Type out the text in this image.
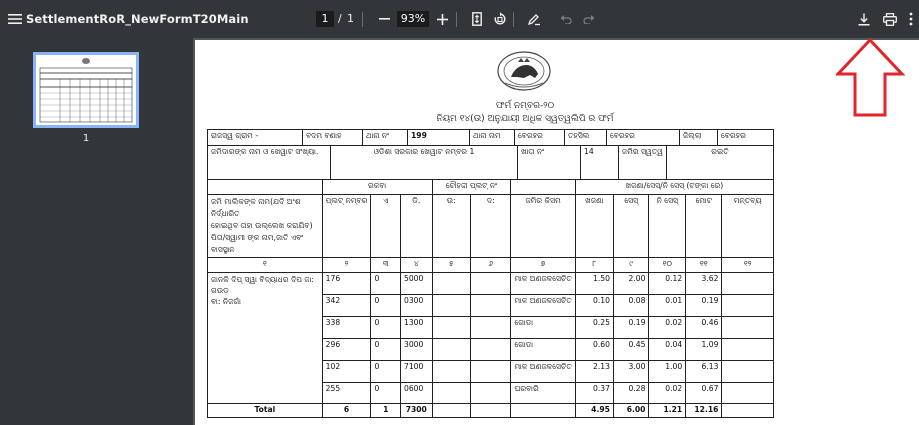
SettlementRoR_NewFormT20Main	1 / 1	93%
1
ଫର୍ମ ନମ୍ବର-୨୦
ନିୟମ ୧୪(ଉ) ଅନୁଯାୟୀ ଅଧିକ ସ୍ୱତ୍ୱଲିପି ର ଫର୍ମ
ରାଜସ୍ୱ ଗ୍ରାମ -	ବଦମ ବଣାହ	ଥାନା ନଂ	199	ଥାନା ନାମ	ବେରହର	ତହସିଲ	ବେରହର	ଜିଲ୍ଲା	ବେରହର
ଜମିଦାରଙ୍କ ନାମ ଓ ଖେୱାଟ ସଂଖ୍ୟା.	ଓଡିଶା ସରକାର ଖେୱାଟ ନମ୍ବର 1	ଖାତା ନଂ	14	ଜମିର ସ୍ୱତ୍ୱ	ରଇତି
	ରକବା			ଚୌହଦ୍ଦୀ ପ୍ଲଟ୍ ନଂ			ଖଜଣା/ସେସ୍/ନି ସେସ୍ (ଟଙ୍କା ରେ)				

ଜମି ମାଲିକଙ୍କ ନାମ(ଯଦି ଅଂଶ ନିର୍ଦ୍ଧାରିତ
ହୋଇଥିବ ତାହା ଉଲ୍ଲେଖ କରାଯିବ)
ପିତା/ସ୍ୱାମୀ ଙ୍କ ନାମ,ଜାତି ଏବଂ ବାସସ୍ଥାନ	ପ୍ଲଟ୍ ନମ୍ବର	ଏ	ଡି.	ଉ:	ଦ:	ଜମିର କିସମ	ଖଜଣା	ସେସ୍	ନି ସେସ୍	ମୋଟ	ମନ୍ତବ୍ୟ
୧	୨	୩	୪	୫	୬	୭	୮	୯	୧୦	୧୧	୧୨

ଜାନକି ଦିପ୍ ସ୍ୱା ବିଦ୍ୟାଧର ଦିପ ଜା: ଗଉଡ଼
ବା: ନିଜଗାଁ	176	0	5000			ମାଳ ଅଣଜଳସେଚିତ	1.50	2.00	0.12	3.62	
	342	0	0300			ମାଳ ଅଣଜଳସେଚିତ	0.10	0.08	0.01	0.19	
	338	0	1300			ଗୋଡା	0.25	0.19	0.02	0.46	
	296	0	3000			ଗୋଡା	0.60	0.45	0.04	1.09	
	102	0	7100			ମାଳ ଅଣଜଳସେଚିତ	2.13	3.00	1.00	6.13	
	255	0	0600			ଘରବାରି	0.37	0.28	0.02	0.67	
Total	6	1	7300				4.95	6.00	1.21	12.16	
